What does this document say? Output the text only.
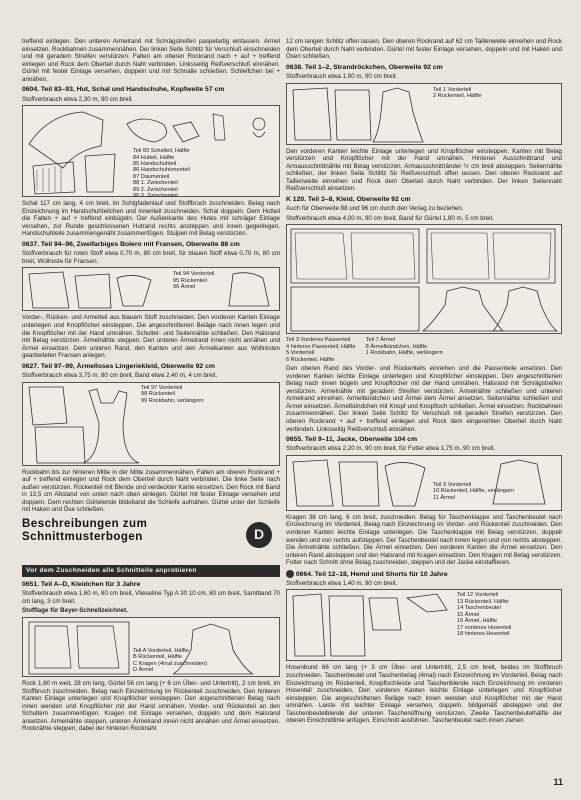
treffend einlegen. Den unteren Armelrand mit Schrägstreifen paspelartig einfassen. Ärmel einsetzen. Rockbahnen zusammennähen. Der linken Seite Schlitz für Verschluß einschneiden und mit geradem Streifen verstürzen. Falten am oberen Rockrand nach + auf + treffend einlegen und Rock dem Oberteil durch Naht verbinden. Linksseitig Reißverschluß einnähen. Gürtel mit fester Einlage versehen, doppeln und mit Schnalle schließen. Schleifchen bei + annähen.

0604. Teil 83–93, Hut, Schal und Handschuhe, Kopfweite 57 cm

Stoffverbrauch etwa 2,30 m, 90 cm breit.

Teil 83 Schalteil, Hälfte
84 Hutteil, Hälfte
85 Handschuhteil
86 Handschuhinnenteil
87 Daumenteil
88 1. Zwischenteil
89 2. Zwischenteil
90 3. Zwischenteil

Schal 117 cm lang, 4 cm breit, im Schlgfadenlauf und Stoffbruch zuschneiden. Belag nach Einzeichnung im Handschuhteilchen und innenteil zuschneiden. Schal doppeln. Dem Hutteil die Falten + auf + treffend einbügeln. Der Außenkante des Hutes mit schräger Einlage versehen, zur Runde geschlossenen Hutrand rechts ansteppen und innen gegenlegen. Handschuhteile zusammengenäht zusammenfügen. Stulpen mit Belag verstürzen.

0637. Teil 94–96, Zweifarbiges Bolero mit Fransen, Oberweite 88 cm

Stoffverbrauch für roten Stoff etwa 0,70 m, 80 cm breit, für blauen Stoff etwa 0,70 m, 80 cm breit, Wollreste für Fransen.

Teil 94 Vorderteil
95 Rückenteil
96 Ärmel

Vorder-, Rücken- und Armelteil aus blauem Stoff zuschneiden. Den vorderen Kanten Einlage unterlegen und Knopflöcher einsteppen. Die angeschnittenen Beläge nach innen legen und die Knopflöcher mit der Hand umnähen. Schulter- und Seitennähte schließen. Den Halsrand mit Belag verstürzen. Ärmelnähte steppen. Den unteren Ärmelrand innen nicht annähen und Ärmel einsetzen. Dem unteren Rand, den Kanten und den Ärmelkanten aus Wollresten gearbeiteten Fransen anlegen.

0627. Teil 97–99, Ärmelloses Lingeriekleid, Oberweite 92 cm

Stoffverbrauch etwa 3,75 m, 80 cm breit, Band etwa 2,40 m, 4 cm breit.

Teil 97 Vorderteil
98 Rückenteil
99 Rockbahn, verlängern

Rockbahn bis zur hinteren Mitte in der Mitte zusammennähen. Falten am oberen Rockrand + auf + treffend einlegen und Rock dem Oberteil durch Naht verbinden. Die linke Seite nach außen verstürzen. Rückenteil mit Blende und verdeckter Kante einsetzen. Den Rock mit Band in 13,5 cm Abstand von unten nach oben einlegen. Gürtel mit fester Einlage versehen und doppeln. Dem rechten Gürtelende bildeband die Schleife aufnähen. Gürtel unter der Schleife mit Haken und Öse schließen.

Beschreibungen zum
Schnittmusterbogen	D
Vor dem Zuschneiden alle Schnitteile anprobieren
0651. Teil A–D, Kleidchen für 3 Jahre

Stoffverbrauch etwa 1,60 m, 80 cm breit, Vlieseline Typ A 30 10 cm, 80 cm breit, Samtband 70 cm lang, 3 cm breit.

Stofflage für Beyer-Schnellzeichnet.

Teil A Vorderteil, Hälfte
B Rückenteil, Hälfte
C Kragen (4mal zuschneiden)
D Ärmel

Rock 1,60 m weit, 28 cm lang, Gürtel 56 cm lang (+ 6 cm Über- und Untertritt), 2 cm breit, im Stoffbruch zuschneiden. Belag nach Einzeichnung im Rückenteil zuschneiden. Den hinteren Kanten Einlage unterlegen und Knopflöcher einsteppen. Den angeschnittenen Belag nach innen wenden und Knopflöcher mit der Hand umnähen. Vorder- und Rückenteil an den Schultern zusammenfügen. Kragen mit Einlage versehen, doppeln und dem Halsrand ansetzen. Armelnähte steppen, unteren Ärmelrand innen nicht annähen und Ärmel einsetzen. Rocknähte steppen, dabei der hinteren Rocknaht

12 cm langen Schlitz offen lassen. Den oberen Rockrand auf 62 cm Taillenweite einreihen und Rock dem Oberteil durch Naht verbinden. Gürtel mit fester Einlage versehen, doppeln und mit Haken und Ösen schließen.

0638. Teil 1–2, Strandröckchen, Oberweite 92 cm

Stoffverbrauch etwa 1,90 m, 90 cm breit.

Teil 1 Vorderteil
2 Rückenteil, Hälfte

Den vorderen Kanten leichte Einlage unterlegen und Knopflöcher einsteppen. Kanten mit Belag verstürzen und Knopflöcher mit der Hand umnähen. Hinteren Ausschnittrand und Armausschnittnähte mit Belag verstürzen. Armausschnittränder ½ cm breit absteppen. Seitennähte schließen, der linken Seite Schlitz für Reißverschluß offen lassen. Den oberen Rockrand auf Taillenweite einreihen und Rock dem Oberteil durch Naht verbinden. Der linken Seitennaht Reißverschluß einsetzen.

K 120. Teil 3–8, Kleid, Oberweite 92 cm

Auch für Oberweite 88 und 96 cm durch den Verlag zu beziehen.

Stoffverbrauch etwa 4,00 m, 90 cm breit, Band für Gürtel 1,80 m, 5 cm breit.

Teil 3 Vorderes Passenteil
4 hinteres Passenteil, Hälfte
5 Vorderteil
6 Rückenteil, Hälfte
Teil 7 Ärmel
8 Ärmelbündchen, Hälfte
1 Rockbahn, Hälfte, verlängern

Den oberen Rand des Vorder- und Rückenteils einreihen und die Passenteile ansetzen. Den vorderen Kanten leichte Einlage unterlegen und Knopflöcher einsteppen. Den angeschnittenen Belag nach innen bügeln und Knopflöcher mit der Hand umnähen. Halsrand mit Schrägstreifen verstürzen. Armelnähte mit geradem Streifen verstürzen. Ärmelnähte schließen und unteren Armelrand einreihen. Armelbündchen und Ärmel dem Ärmel ansetzen. Seitennähte schließen und Ärmel einsetzen. Ärmelbündchen mit Knopf und Knopfloch schließen. Ärmel einsetzen. Rockbahnen zusammennähen. Der linken Seite Schlitz für Verschluß mit geraden Streifen verstürzen. Den oberen Rockrand + auf + treffend einlegen und Rock dem eingereihten Oberteil durch Naht verbinden. Linksseitig Reißverschluß einnähen.

0655. Teil 9–11, Jacke, Oberweite 104 cm

Stoffverbrauch etwa 2,20 m, 90 cm breit, für Futter etwa 1,75 m, 90 cm breit.

Teil 9 Vorderteil
10 Rückenteil, Hälfte, verlängern
11 Ärmel

Kragen 38 cm lang, 6 cm breit, zuschneiden. Belag für Taschenklappe und Taschenbeutel nach Einzeichnung im Vorderteil, Belag nach Einzeichnung im Vorder- und Rückenteil zuschneiden. Den vorderen Kanten leichte Einlage unterlegen. Die Taschenklappe mit Belag verstürzen, doppelt wenden und von rechts aufsteppen. Der Taschenbeutel nach innen legen und von rechts absteppen. Die Ärmelnähte schließen. Die Ärmel einsetzen. Den vorderen Kanten die Ärmel einsetzen. Den unteren Rand absteppen und den Halsrand mit Kragen einsetzen. Den Kragen mit Belag verstürzen. Futter nach Schnitt ohne Belag zuschneiden, steppen und der Jacke einstaffieren.

0664. Teil 12–18, Hemd und Shorts für 10 Jahre

Stoffverbrauch etwa 1,40 m, 90 cm breit.

Teil 12 Vorderteil
13 Rückenteil, Hälfte
14 Taschenbeutel
15 Ärmel
16 Ärmel, Hälfte
17 vorderes Hosenteil
18 hinteres Hosenteil

Hosenbund 66 cm lang (+ 3 cm Über- und Untertritt), 2,5 cm breit, beides im Stoffbruch zuschneiden. Taschenbeutel und Taschenbelag (4mal) nach Einzeichnung im Vorderteil, Belag nach Einzeichnung im Rückenteil, Knopflochleiste und Taschenblende nach Einzeichnung im vorderen Hosenteil zuschneiden. Den vorderen Kanten leichte Einlage unterlegen und Knopflöcher einsteppen. Die angeschnittenen Beläge nach innen wenden und Knopflöcher mit der Hand umnähen. Leiste mit leichter Einlage versehen, doppeln, bildgemäß absteppen und der Taschenbeutelblende der unteren Taschenöffnung verstürzen. Zweite Taschenbeutelhälfte der oberen Einschnittlinie anfügen. Einschnitt ausführen. Taschenbeutel nach innen ziehen

11
